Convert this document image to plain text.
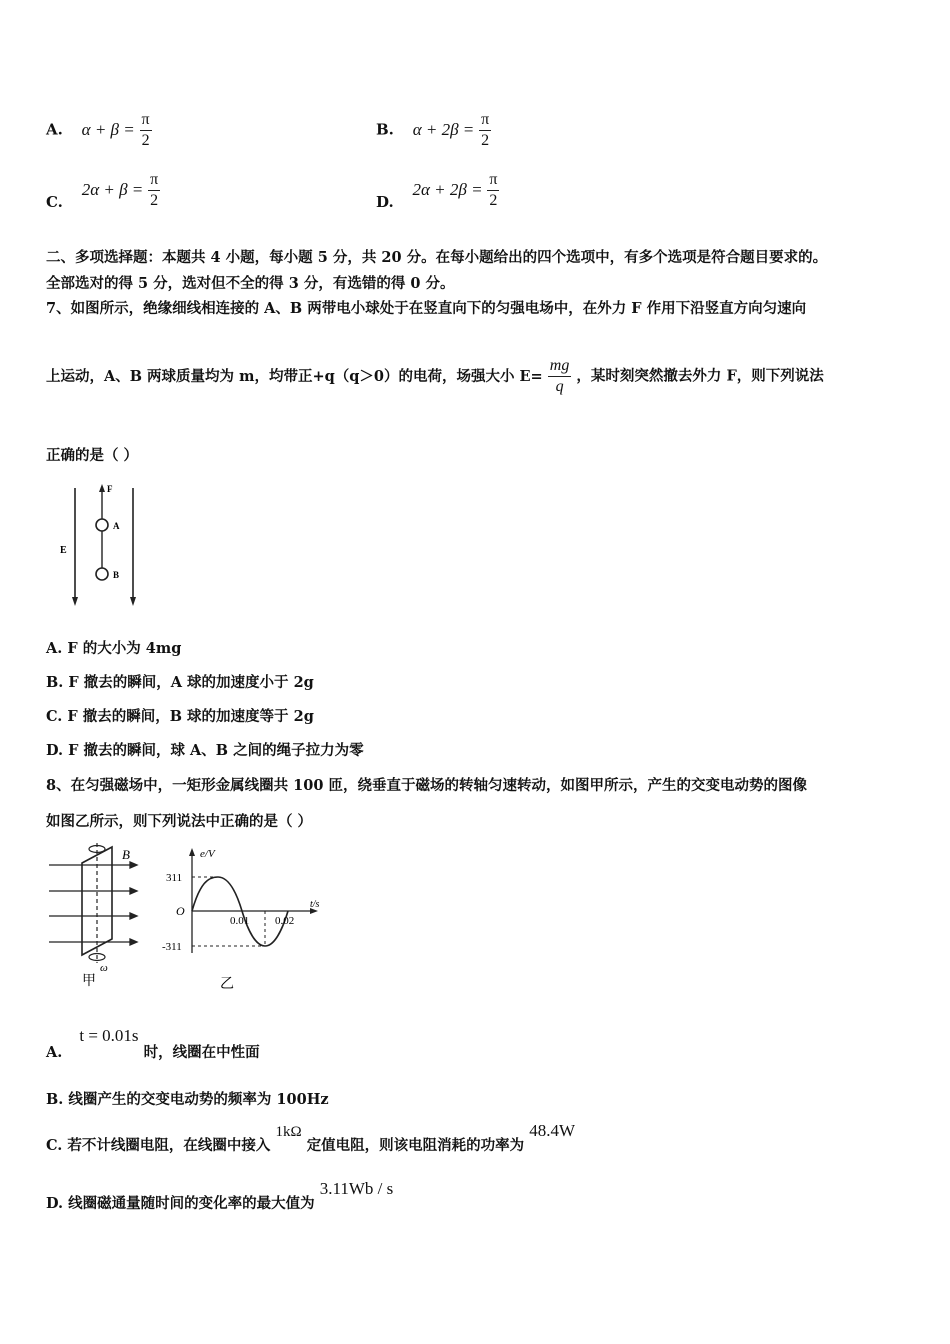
A. $\alpha + \beta = \frac{\pi}{2}$	B. $\alpha + 2\beta = \frac{\pi}{2}$
C. $2\alpha + \beta = \frac{\pi}{2}$	D. $2\alpha + 2\beta = \frac{\pi}{2}$
二、多项选择题：本题共 4 小题，每小题 5 分，共 20 分。在每小题给出的四个选项中，有多个选项是符合题目要求的。
全部选对的得 5 分，选对但不全的得 3 分，有选错的得 0 分。
7、如图所示，绝缘细线相连接的 A、B 两带电小球处于在竖直向下的匀强电场中，在外力 F 作用下沿竖直方向匀速向
上运动，A、B 两球质量均为 m，均带正+q（q＞0）的电荷，场强大小 $E= \frac{mg}{q}$ ，某时刻突然撤去外力 F，则下列说法
正确的是（ ）
F
A
B
E
A. F 的大小为 4mg
B. F 撤去的瞬间，A 球的加速度小于 2g
C. F 撤去的瞬间，B 球的加速度等于 2g
D. F 撤去的瞬间，球 A、B 之间的绳子拉力为零
8、在匀强磁场中，一矩形金属线圈共 100 匝，绕垂直于磁场的转轴匀速转动，如图甲所示，产生的交变电动势的图像
如图乙所示，则下列说法中正确的是（ ）
B
ω
甲
e/V
311
-311
O
0.01 0.02
t/s
乙
A. t = 0.01s 时，线圈在中性面
B. 线圈产生的交变电动势的频率为 100Hz
C. 若不计线圈电阻，在线圈中接入 1kΩ 定值电阻，则该电阻消耗的功率为 48.4W
D. 线圈磁通量随时间的变化率的最大值为 3.11Wb / s
